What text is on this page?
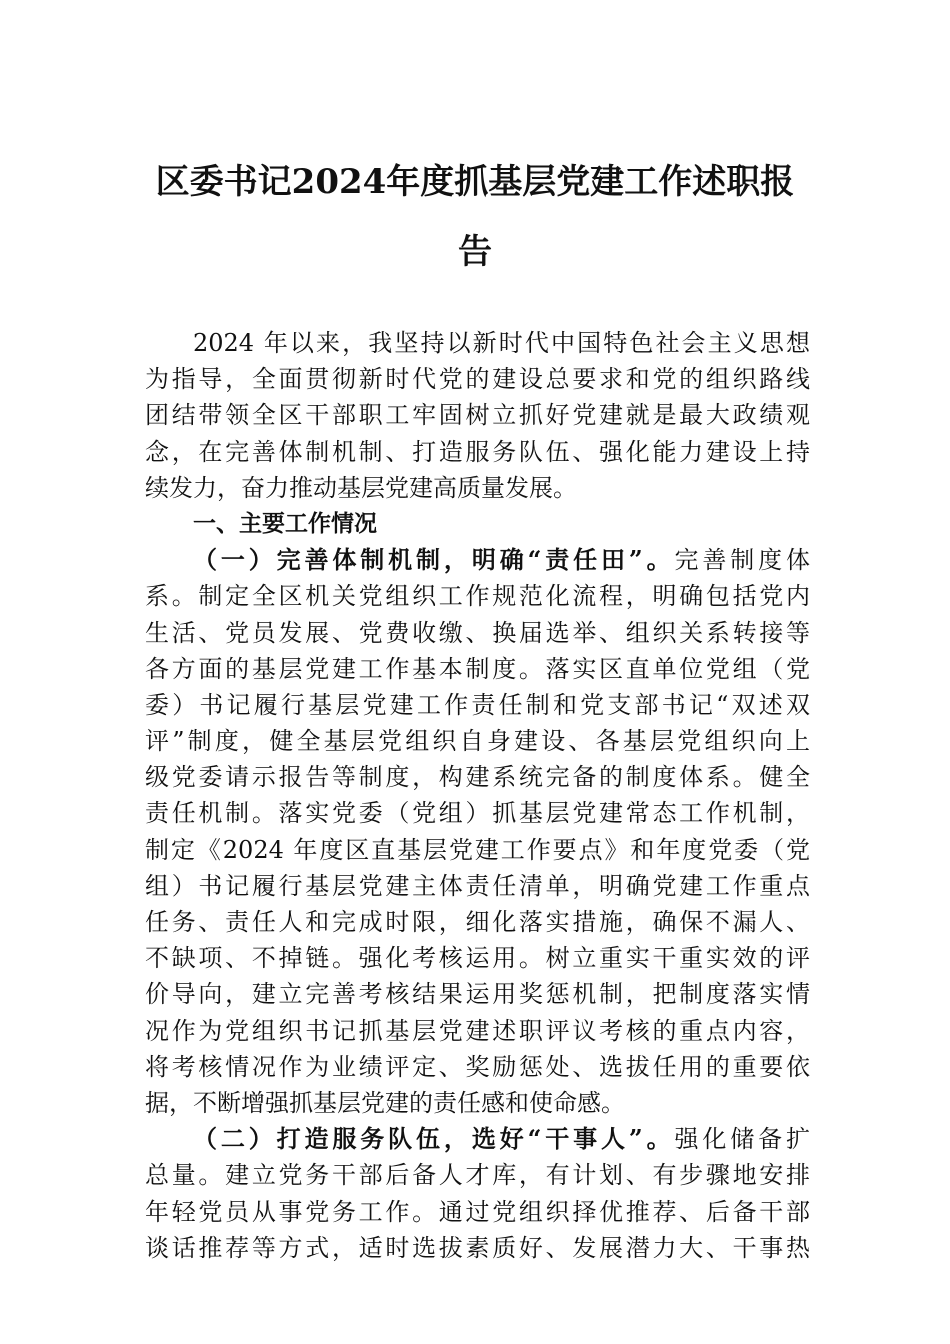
区委书记2024年度抓基层党建工作述职报
告
2024 年以来，我坚持以新时代中国特色社会主义思想
为指导，全面贯彻新时代党的建设总要求和党的组织路线
团结带领全区干部职工牢固树立抓好党建就是最大政绩观
念，在完善体制机制、打造服务队伍、强化能力建设上持
续发力，奋力推动基层党建高质量发展。
一、主要工作情况
（一）完善体制机制，明确“责任田”。完善制度体
系。制定全区机关党组织工作规范化流程，明确包括党内
生活、党员发展、党费收缴、换届选举、组织关系转接等
各方面的基层党建工作基本制度。落实区直单位党组（党
委）书记履行基层党建工作责任制和党支部书记“双述双
评”制度，健全基层党组织自身建设、各基层党组织向上
级党委请示报告等制度，构建系统完备的制度体系。健全
责任机制。落实党委（党组）抓基层党建常态工作机制，
制定《2024 年度区直基层党建工作要点》和年度党委（党
组）书记履行基层党建主体责任清单，明确党建工作重点
任务、责任人和完成时限，细化落实措施，确保不漏人、
不缺项、不掉链。强化考核运用。树立重实干重实效的评
价导向，建立完善考核结果运用奖惩机制，把制度落实情
况作为党组织书记抓基层党建述职评议考核的重点内容，
将考核情况作为业绩评定、奖励惩处、选拔任用的重要依
据，不断增强抓基层党建的责任感和使命感。
（二）打造服务队伍，选好“干事人”。强化储备扩
总量。建立党务干部后备人才库，有计划、有步骤地安排
年轻党员从事党务工作。通过党组织择优推荐、后备干部
谈话推荐等方式，适时选拔素质好、发展潜力大、干事热
